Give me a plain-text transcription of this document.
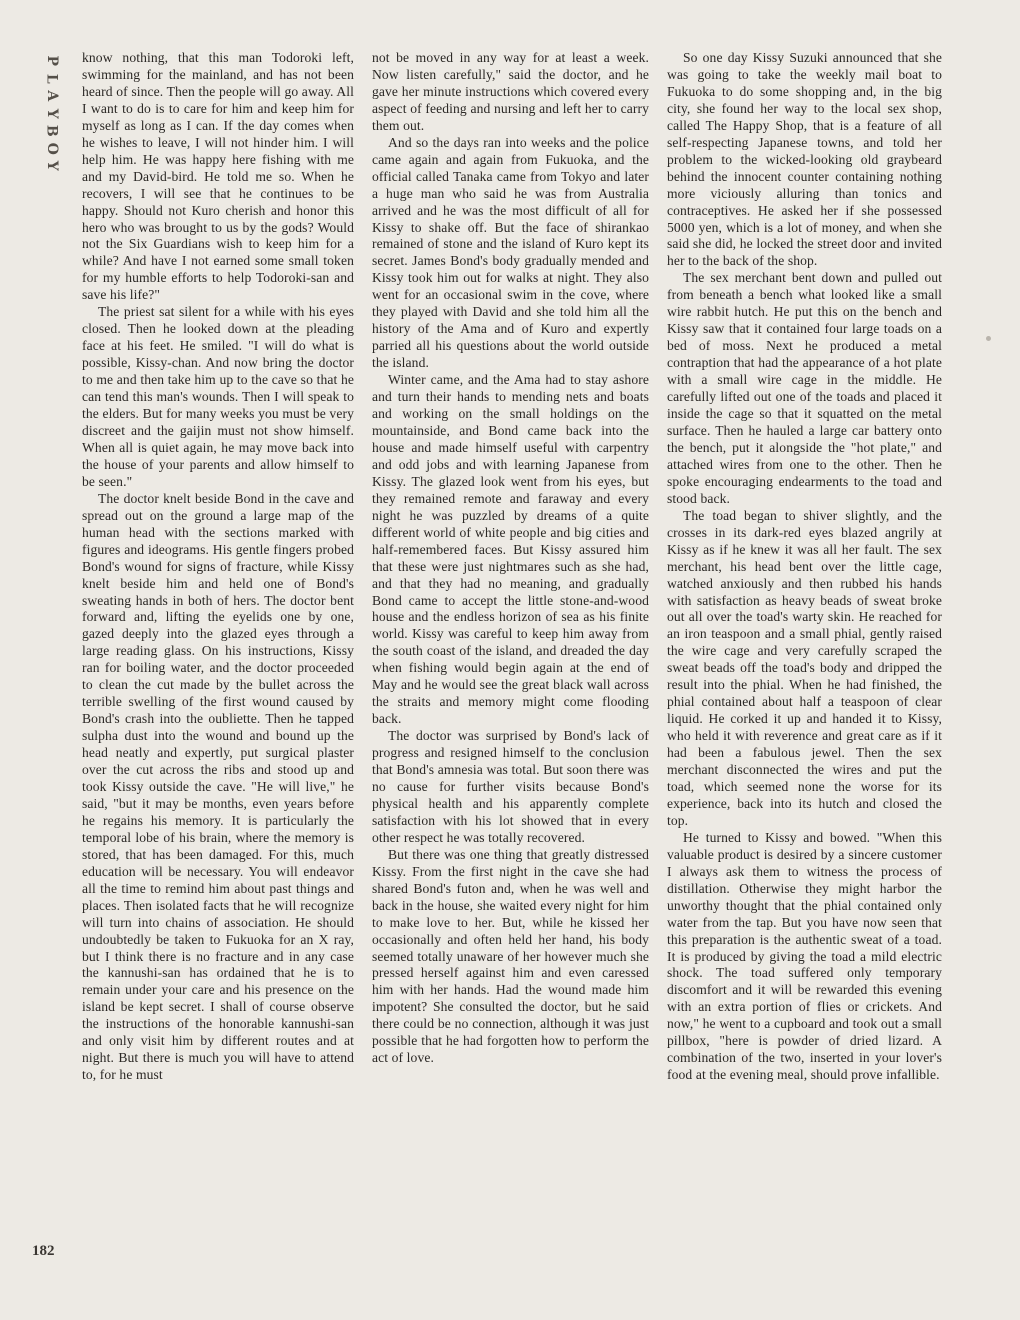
P
L
A
Y
B
O
Y

know nothing, that this man Todoroki left, swimming for the mainland, and has not been heard of since. Then the people will go away. All I want to do is to care for him and keep him for myself as long as I can. If the day comes when he wishes to leave, I will not hinder him. I will help him. He was happy here fishing with me and my David-bird. He told me so. When he recovers, I will see that he continues to be happy. Should not Kuro cherish and honor this hero who was brought to us by the gods? Would not the Six Guardians wish to keep him for a while? And have I not earned some small token for my humble efforts to help Todoroki-san and save his life?"

The priest sat silent for a while with his eyes closed. Then he looked down at the pleading face at his feet. He smiled. "I will do what is possible, Kissy-chan. And now bring the doctor to me and then take him up to the cave so that he can tend this man's wounds. Then I will speak to the elders. But for many weeks you must be very discreet and the gaijin must not show himself. When all is quiet again, he may move back into the house of your parents and allow himself to be seen."

The doctor knelt beside Bond in the cave and spread out on the ground a large map of the human head with the sections marked with figures and ideograms. His gentle fingers probed Bond's wound for signs of fracture, while Kissy knelt beside him and held one of Bond's sweating hands in both of hers. The doctor bent forward and, lifting the eyelids one by one, gazed deeply into the glazed eyes through a large reading glass. On his instructions, Kissy ran for boiling water, and the doctor proceeded to clean the cut made by the bullet across the terrible swelling of the first wound caused by Bond's crash into the oubliette. Then he tapped sulpha dust into the wound and bound up the head neatly and expertly, put surgical plaster over the cut across the ribs and stood up and took Kissy outside the cave. "He will live," he said, "but it may be months, even years before he regains his memory. It is particularly the temporal lobe of his brain, where the memory is stored, that has been damaged. For this, much education will be necessary. You will endeavor all the time to remind him about past things and places. Then isolated facts that he will recognize will turn into chains of association. He should undoubtedly be taken to Fukuoka for an X ray, but I think there is no fracture and in any case the kannushi-san has ordained that he is to remain under your care and his presence on the island be kept secret. I shall of course observe the instructions of the honorable kannushi-san and only visit him by different routes and at night. But there is much you will have to attend to, for he must

not be moved in any way for at least a week. Now listen carefully," said the doctor, and he gave her minute instructions which covered every aspect of feeding and nursing and left her to carry them out.

And so the days ran into weeks and the police came again and again from Fukuoka, and the official called Tanaka came from Tokyo and later a huge man who said he was from Australia arrived and he was the most difficult of all for Kissy to shake off. But the face of shirankao remained of stone and the island of Kuro kept its secret. James Bond's body gradually mended and Kissy took him out for walks at night. They also went for an occasional swim in the cove, where they played with David and she told him all the history of the Ama and of Kuro and expertly parried all his questions about the world outside the island.

Winter came, and the Ama had to stay ashore and turn their hands to mending nets and boats and working on the small holdings on the mountainside, and Bond came back into the house and made himself useful with carpentry and odd jobs and with learning Japanese from Kissy. The glazed look went from his eyes, but they remained remote and faraway and every night he was puzzled by dreams of a quite different world of white people and big cities and half-remembered faces. But Kissy assured him that these were just nightmares such as she had, and that they had no meaning, and gradually Bond came to accept the little stone-and-wood house and the endless horizon of sea as his finite world. Kissy was careful to keep him away from the south coast of the island, and dreaded the day when fishing would begin again at the end of May and he would see the great black wall across the straits and memory might come flooding back.

The doctor was surprised by Bond's lack of progress and resigned himself to the conclusion that Bond's amnesia was total. But soon there was no cause for further visits because Bond's physical health and his apparently complete satisfaction with his lot showed that in every other respect he was totally recovered.

But there was one thing that greatly distressed Kissy. From the first night in the cave she had shared Bond's futon and, when he was well and back in the house, she waited every night for him to make love to her. But, while he kissed her occasionally and often held her hand, his body seemed totally unaware of her however much she pressed herself against him and even caressed him with her hands. Had the wound made him impotent? She consulted the doctor, but he said there could be no connection, although it was just possible that he had forgotten how to perform the act of love.

So one day Kissy Suzuki announced that she was going to take the weekly mail boat to Fukuoka to do some shopping and, in the big city, she found her way to the local sex shop, called The Happy Shop, that is a feature of all self-respecting Japanese towns, and told her problem to the wicked-looking old graybeard behind the innocent counter containing nothing more viciously alluring than tonics and contraceptives. He asked her if she possessed 5000 yen, which is a lot of money, and when she said she did, he locked the street door and invited her to the back of the shop.

The sex merchant bent down and pulled out from beneath a bench what looked like a small wire rabbit hutch. He put this on the bench and Kissy saw that it contained four large toads on a bed of moss. Next he produced a metal contraption that had the appearance of a hot plate with a small wire cage in the middle. He carefully lifted out one of the toads and placed it inside the cage so that it squatted on the metal surface. Then he hauled a large car battery onto the bench, put it alongside the "hot plate," and attached wires from one to the other. Then he spoke encouraging endearments to the toad and stood back.

The toad began to shiver slightly, and the crosses in its dark-red eyes blazed angrily at Kissy as if he knew it was all her fault. The sex merchant, his head bent over the little cage, watched anxiously and then rubbed his hands with satisfaction as heavy beads of sweat broke out all over the toad's warty skin. He reached for an iron teaspoon and a small phial, gently raised the wire cage and very carefully scraped the sweat beads off the toad's body and dripped the result into the phial. When he had finished, the phial contained about half a teaspoon of clear liquid. He corked it up and handed it to Kissy, who held it with reverence and great care as if it had been a fabulous jewel. Then the sex merchant disconnected the wires and put the toad, which seemed none the worse for its experience, back into its hutch and closed the top.

He turned to Kissy and bowed. "When this valuable product is desired by a sincere customer I always ask them to witness the process of distillation. Otherwise they might harbor the unworthy thought that the phial contained only water from the tap. But you have now seen that this preparation is the authentic sweat of a toad. It is produced by giving the toad a mild electric shock. The toad suffered only temporary discomfort and it will be rewarded this evening with an extra portion of flies or crickets. And now," he went to a cupboard and took out a small pillbox, "here is powder of dried lizard. A combination of the two, inserted in your lover's food at the evening meal, should prove infallible.

182
